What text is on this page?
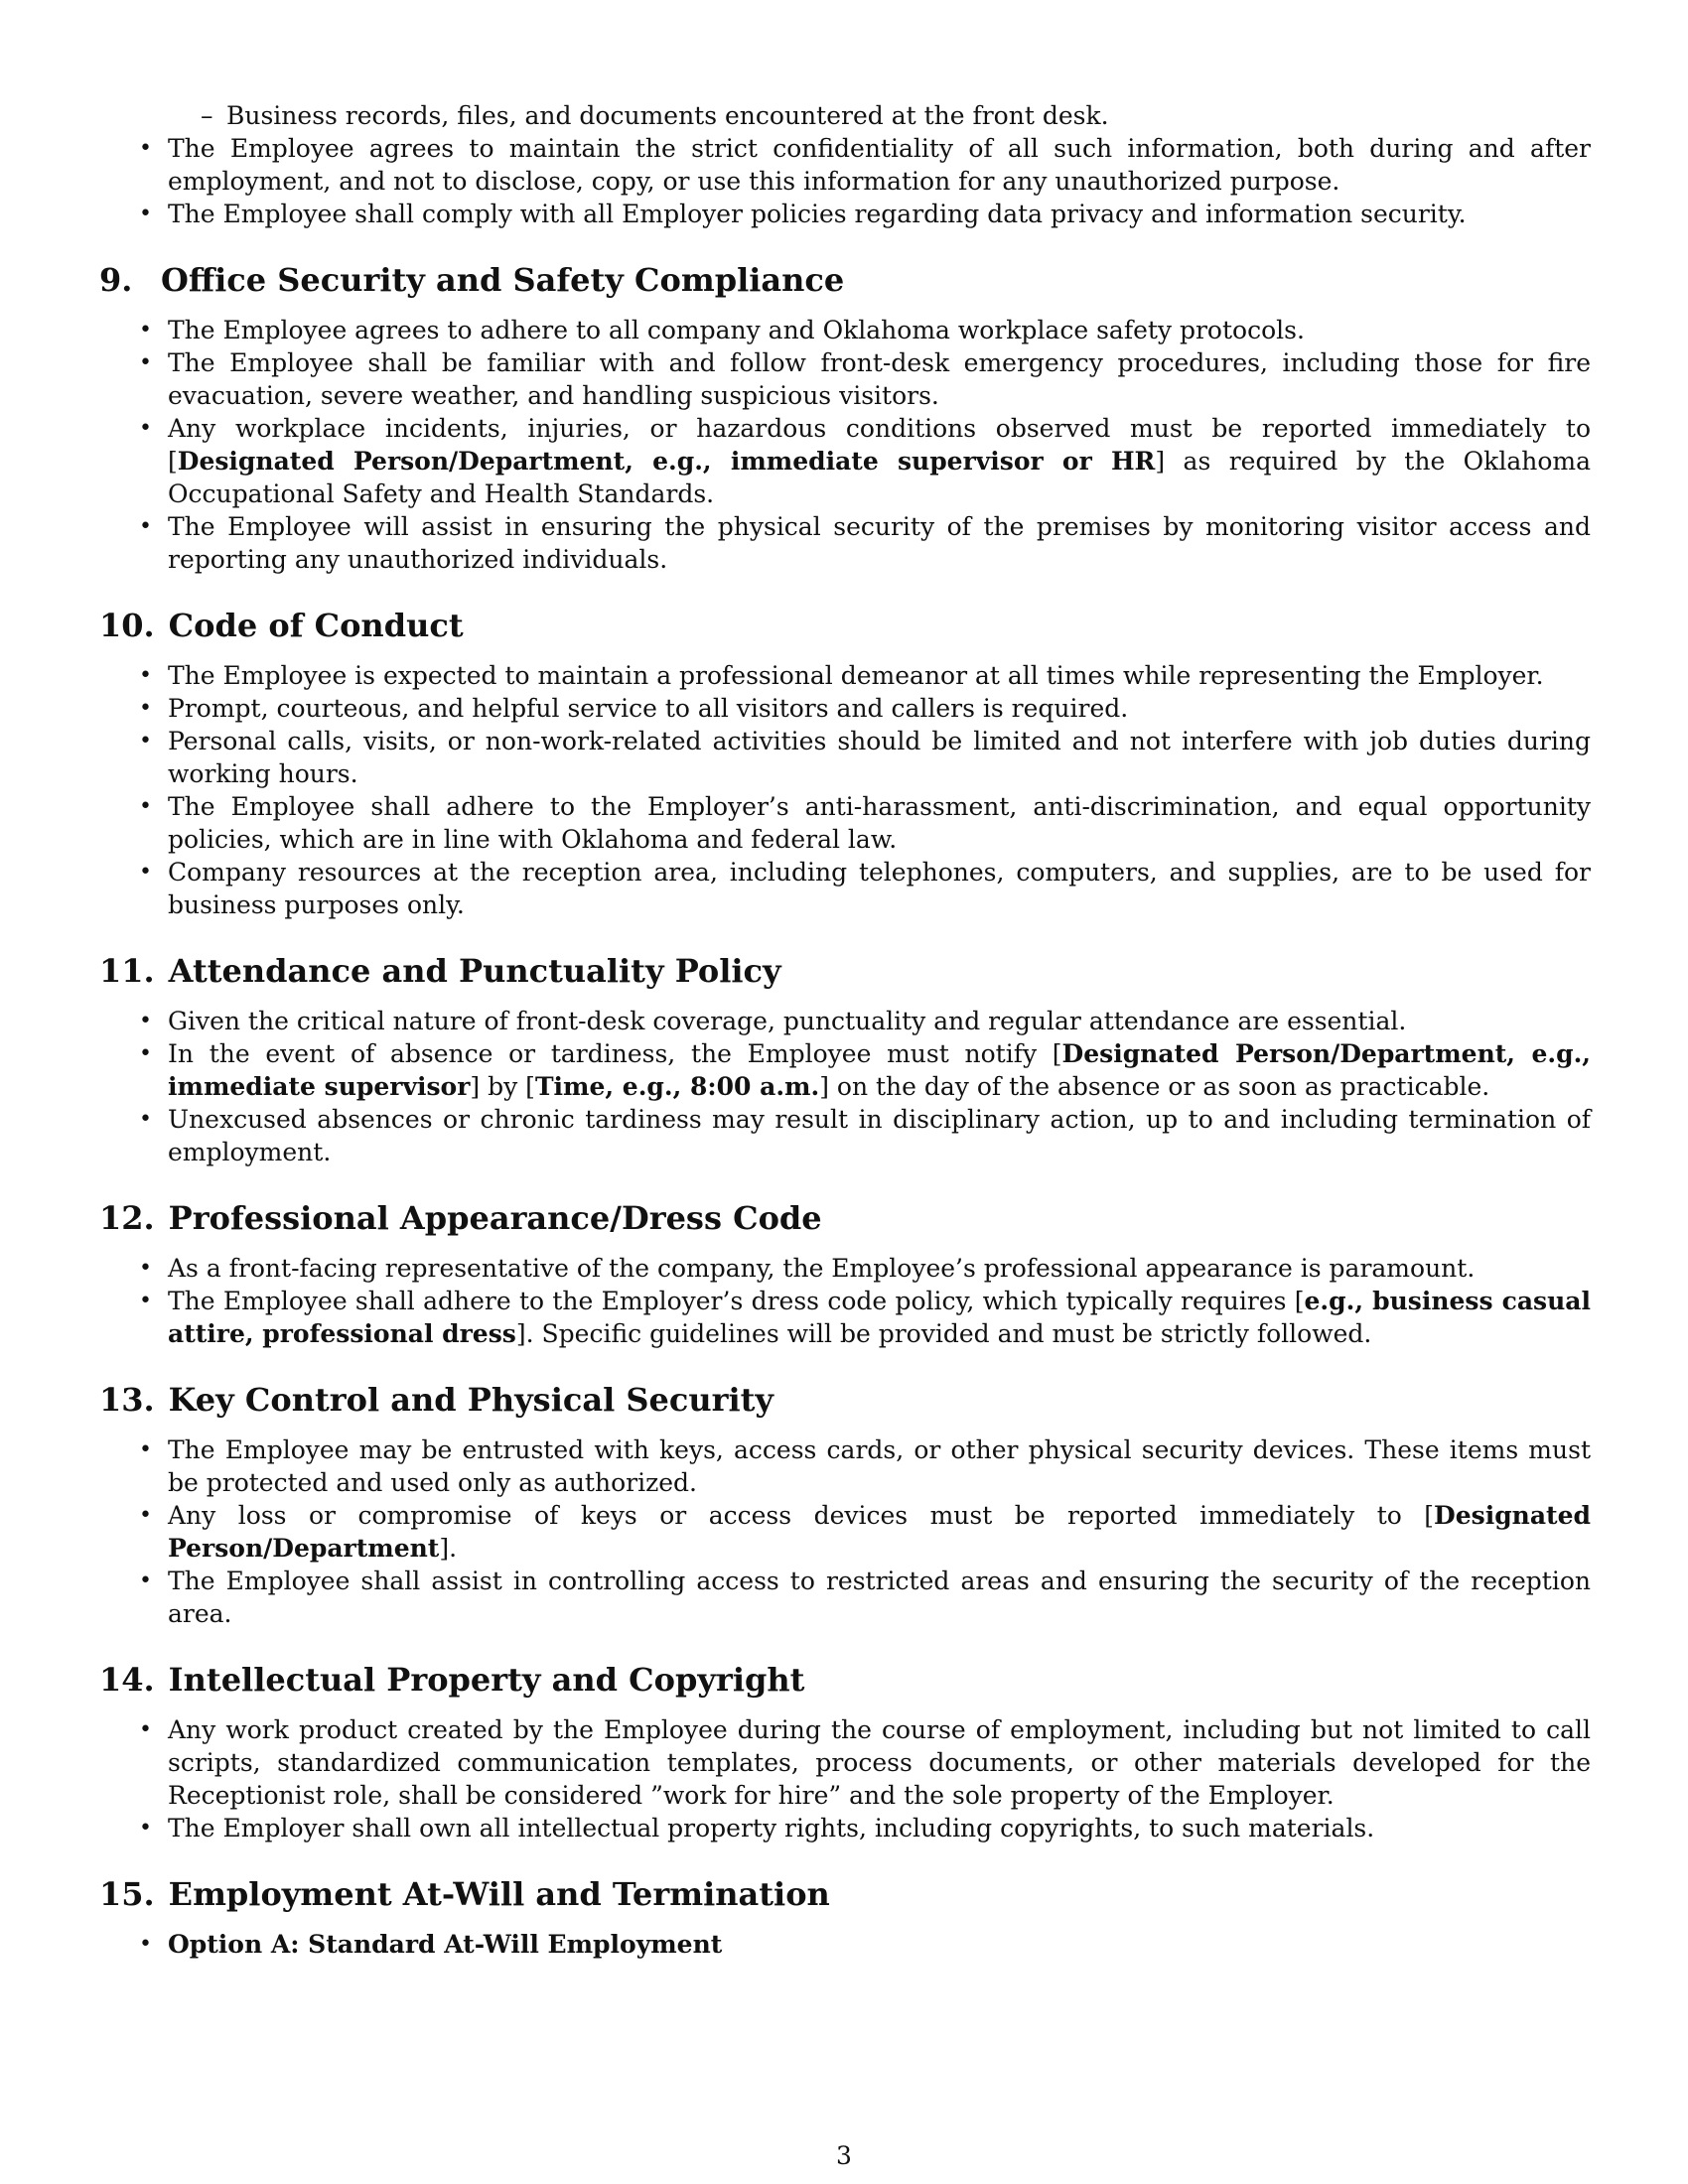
– Business records, files, and documents encountered at the front desk.
• The Employee agrees to maintain the strict confidentiality of all such information, both during and after employment, and not to disclose, copy, or use this information for any unauthorized purpose.
• The Employee shall comply with all Employer policies regarding data privacy and information security.
9. Office Security and Safety Compliance
• The Employee agrees to adhere to all company and Oklahoma workplace safety protocols.
• The Employee shall be familiar with and follow front-desk emergency procedures, including those for fire evacuation, severe weather, and handling suspicious visitors.
• Any workplace incidents, injuries, or hazardous conditions observed must be reported immediately to [Designated Person/Department, e.g., immediate supervisor or HR] as required by the Oklahoma Occupational Safety and Health Standards.
• The Employee will assist in ensuring the physical security of the premises by monitoring visitor access and reporting any unauthorized individuals.
10. Code of Conduct
• The Employee is expected to maintain a professional demeanor at all times while representing the Employer.
• Prompt, courteous, and helpful service to all visitors and callers is required.
• Personal calls, visits, or non-work-related activities should be limited and not interfere with job duties during working hours.
• The Employee shall adhere to the Employer’s anti-harassment, anti-discrimination, and equal opportunity policies, which are in line with Oklahoma and federal law.
• Company resources at the reception area, including telephones, computers, and supplies, are to be used for business purposes only.
11. Attendance and Punctuality Policy
• Given the critical nature of front-desk coverage, punctuality and regular attendance are essential.
• In the event of absence or tardiness, the Employee must notify [Designated Person/Department, e.g., immediate supervisor] by [Time, e.g., 8:00 a.m.] on the day of the absence or as soon as practicable.
• Unexcused absences or chronic tardiness may result in disciplinary action, up to and including termination of employment.
12. Professional Appearance/Dress Code
• As a front-facing representative of the company, the Employee’s professional appearance is paramount.
• The Employee shall adhere to the Employer’s dress code policy, which typically requires [e.g., business casual attire, professional dress]. Specific guidelines will be provided and must be strictly followed.
13. Key Control and Physical Security
• The Employee may be entrusted with keys, access cards, or other physical security devices. These items must be protected and used only as authorized.
• Any loss or compromise of keys or access devices must be reported immediately to [Designated Person/Department].
• The Employee shall assist in controlling access to restricted areas and ensuring the security of the reception area.
14. Intellectual Property and Copyright
• Any work product created by the Employee during the course of employment, including but not limited to call scripts, standardized communication templates, process documents, or other materials developed for the Receptionist role, shall be considered ”work for hire” and the sole property of the Employer.
• The Employer shall own all intellectual property rights, including copyrights, to such materials.
15. Employment At-Will and Termination
• Option A: Standard At-Will Employment
3
